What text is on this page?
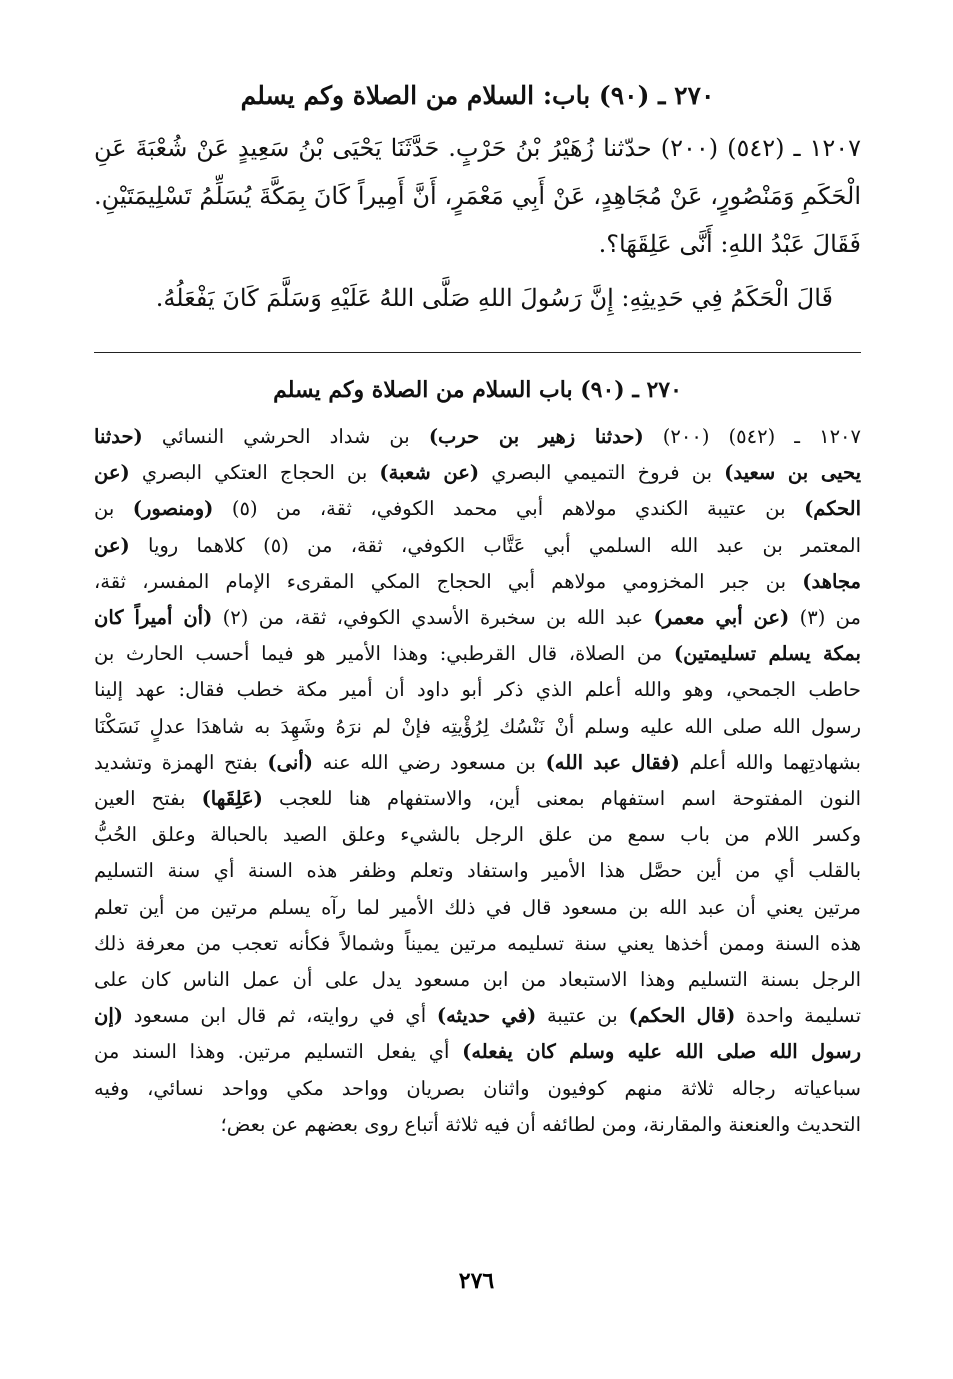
٢٧٠ ـ (٩٠) باب: السلام من الصلاة وكم يسلم

١٢٠٧ ـ (٥٤٢) (٢٠٠) حدّثنا زُهَيْرُ بْنُ حَرْبٍ. حَدَّثَنَا يَحْيَى بْنُ سَعِيدٍ عَنْ شُعْبَةَ عَنِ الْحَكَمِ وَمَنْصُورٍ، عَنْ مُجَاهِدٍ، عَنْ أَبِي مَعْمَرٍ، أَنَّ أَمِيراً كَانَ بِمَكَّةَ يُسَلِّمُ تَسْلِيمَتَيْنِ. فَقَالَ عَبْدُ اللهِ: أَنَّى عَلِقَهَا؟.

قَالَ الْحَكَمُ فِي حَدِيثِهِ: إِنَّ رَسُولَ اللهِ صَلَّى اللهُ عَلَيْهِ وَسَلَّمَ كَانَ يَفْعَلُهُ.

٢٧٠ ـ (٩٠) باب السلام من الصلاة وكم يسلم

١٢٠٧ ـ (٥٤٢) (٢٠٠) (حدثنا زهير بن حرب) بن شداد الحرشي النسائي (حدثنا

يحيى بن سعيد) بن فروخ التميمي البصري (عن شعبة) بن الحجاج العتكي البصري (عن

الحكم) بن عتيبة الكندي مولاهم أبي محمد الكوفي، ثقة، من (٥) (ومنصور) بن

المعتمر بن عبد الله السلمي أبي عَتَّاب الكوفي، ثقة، من (٥) كلاهما رويا (عن

مجاهد) بن جبر المخزومي مولاهم أبي الحجاج المكي المقرىء الإمام المفسر، ثقة،

من (٣) (عن أبي معمر) عبد الله بن سخبرة الأسدي الكوفي، ثقة، من (٢) (أن أميراً كان

بمكة يسلم تسليمتين) من الصلاة، قال القرطبي: وهذا الأمير هو فيما أحسب الحارث بن

حاطب الجمحي، وهو والله أعلم الذي ذكر أبو داود أن أمير مكة خطب فقال: عهد إلينا

رسول الله صلى الله عليه وسلم أنْ نَنْسُك لِرُؤْيتِه فإنْ لم نرَهُ وشَهِدَ به شاهدَا عدلٍ نَسَكْنَا

بشهادتِهما والله أعلم (فقال عبد الله) بن مسعود رضي الله عنه (أنى) بفتح الهمزة وتشديد

النون المفتوحة اسم استفهام بمعنى أين، والاستفهام هنا للعجب (عَلِقَها) بفتح العين

وكسر اللام من باب سمع من علق الرجل بالشيء وعلق الصيد بالحبالة وعلق الحُبُّ

بالقلب أي من أين حصَّل هذا الأمير واستفاد وتعلم وظفر هذه السنة أي سنة التسليم

مرتين يعني أن عبد الله بن مسعود قال في ذلك الأمير لما رآه يسلم مرتين من أين تعلم

هذه السنة وممن أخذها يعني سنة تسليمه مرتين يميناً وشمالاً فكأنه تعجب من معرفة ذلك

الرجل بسنة التسليم وهذا الاستبعاد من ابن مسعود يدل على أن عمل الناس كان على

تسليمة واحدة (قال الحكم) بن عتيبة (في حديثه) أي في روايته، ثم قال ابن مسعود (إن

رسول الله صلى الله عليه وسلم كان يفعله) أي يفعل التسليم مرتين. وهذا السند من

سباعياته رجاله ثلاثة منهم كوفيون واثنان بصريان وواحد مكي وواحد نسائي، وفيه

التحديث والعنعنة والمقارنة، ومن لطائفه أن فيه ثلاثة أتباع روى بعضهم عن بعض؛

٢٧٦
